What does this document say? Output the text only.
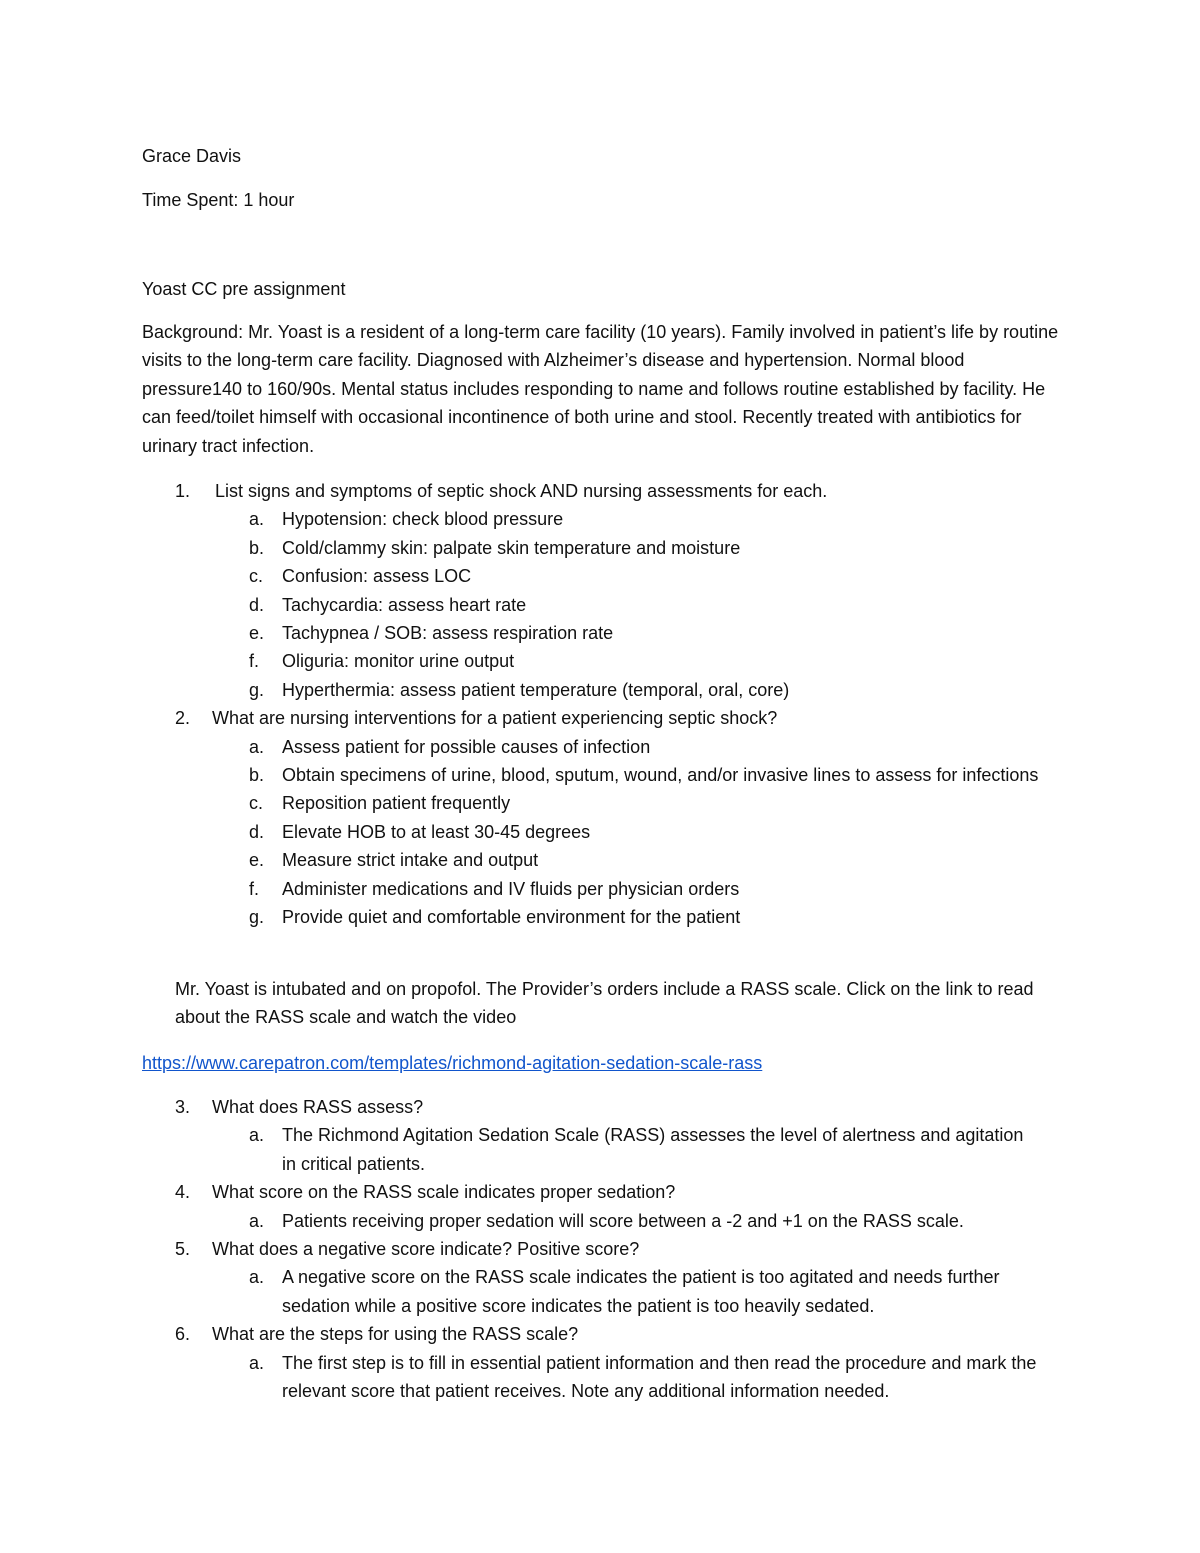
Grace Davis
Time Spent: 1 hour
Yoast CC pre assignment
Background: Mr. Yoast is a resident of a long-term care facility (10 years). Family involved in patient’s life by routine visits to the long-term care facility. Diagnosed with Alzheimer’s disease and hypertension. Normal blood pressure140 to 160/90s. Mental status includes responding to name and follows routine established by facility. He can feed/toilet himself with occasional incontinence of both urine and stool. Recently treated with antibiotics for urinary tract infection.
1.	List signs and symptoms of septic shock AND nursing assessments for each.
a. Hypotension: check blood pressure
b. Cold/clammy skin: palpate skin temperature and moisture
c.	Confusion: assess LOC
d. Tachycardia: assess heart rate
e. Tachypnea / SOB: assess respiration rate
f.	Oliguria: monitor urine output
g. Hyperthermia: assess patient temperature (temporal, oral, core)
2.	What are nursing interventions for a patient experiencing septic shock?
a. Assess patient for possible causes of infection
b. Obtain specimens of urine, blood, sputum, wound, and/or invasive lines to assess for infections
c.	Reposition patient frequently
d. Elevate HOB to at least 30-45 degrees
e. Measure strict intake and output
f.	Administer medications and IV fluids per physician orders
g. Provide quiet and comfortable environment for the patient
Mr. Yoast is intubated and on propofol. The Provider’s orders include a RASS scale. Click on the link to read about the RASS scale and watch the video
https://www.carepatron.com/templates/richmond-agitation-sedation-scale-rass
3.	What does RASS assess?
a. The Richmond Agitation Sedation Scale (RASS) assesses the level of alertness and agitation in critical patients.
4.	What score on the RASS scale indicates proper sedation?
a. Patients receiving proper sedation will score between a -2 and +1 on the RASS scale.
5.	What does a negative score indicate? Positive score?
a. A negative score on the RASS scale indicates the patient is too agitated and needs further sedation while a positive score indicates the patient is too heavily sedated.
6.	What are the steps for using the RASS scale?
a. The first step is to fill in essential patient information and then read the procedure and mark the relevant score that patient receives. Note any additional information needed.
